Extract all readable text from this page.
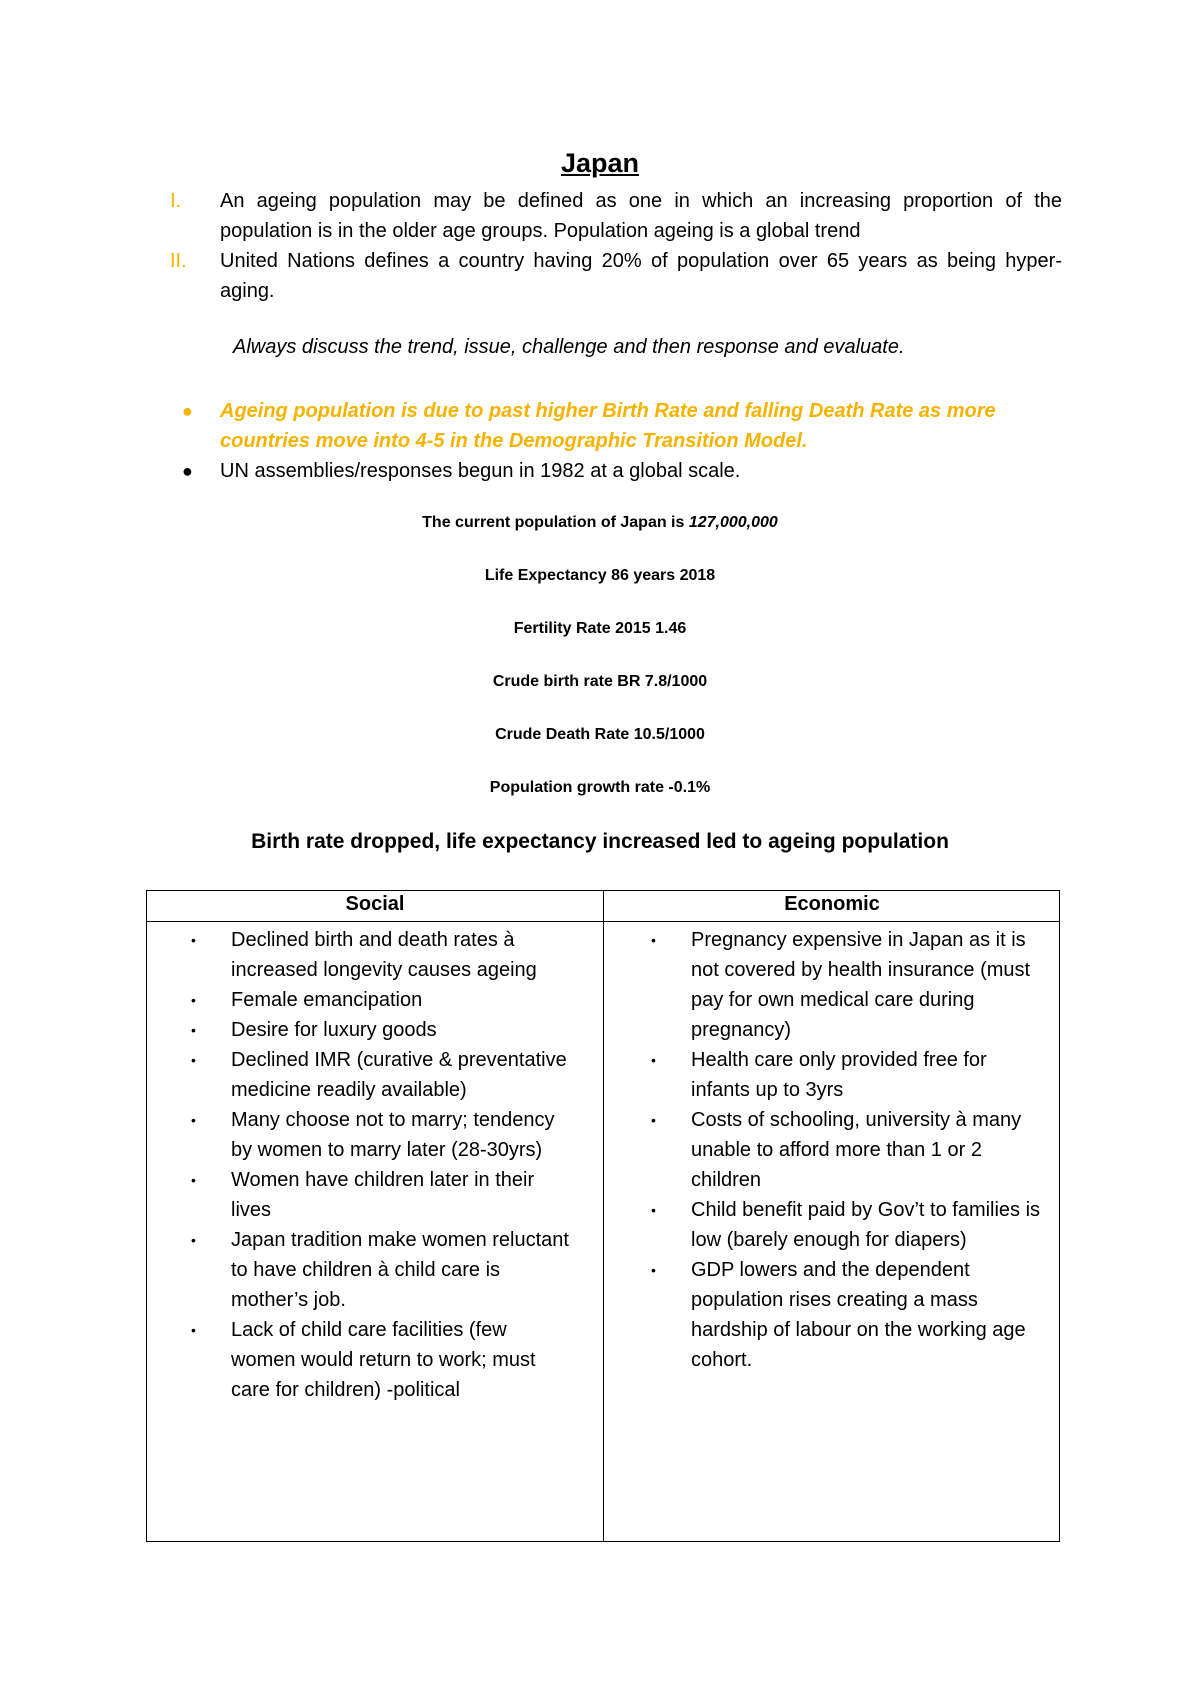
Japan
I. An ageing population may be defined as one in which an increasing proportion of the population is in the older age groups. Population ageing is a global trend
II. United Nations defines a country having 20% of population over 65 years as being hyper-aging.
Always discuss the trend, issue, challenge and then response and evaluate.
● Ageing population is due to past higher Birth Rate and falling Death Rate as more countries move into 4-5 in the Demographic Transition Model.
● UN assemblies/responses begun in 1982 at a global scale.
The current population of Japan is 127,000,000
Life Expectancy 86 years 2018
Fertility Rate 2015 1.46
Crude birth rate BR 7.8/1000
Crude Death Rate 10.5/1000
Population growth rate -0.1%
Birth rate dropped, life expectancy increased led to ageing population
Social	Economic
• Declined birth and death rates à increased longevity causes ageing
• Female emancipation
• Desire for luxury goods
• Declined IMR (curative & preventative medicine readily available)
• Many choose not to marry; tendency by women to marry later (28-30yrs)
• Women have children later in their lives
• Japan tradition make women reluctant to have children à child care is mother’s job.
• Lack of child care facilities (few women would return to work; must care for children) -political
• Pregnancy expensive in Japan as it is not covered by health insurance (must pay for own medical care during pregnancy)
• Health care only provided free for infants up to 3yrs
• Costs of schooling, university à many unable to afford more than 1 or 2 children
• Child benefit paid by Gov’t to families is low (barely enough for diapers)
• GDP lowers and the dependent population rises creating a mass hardship of labour on the working age cohort.
